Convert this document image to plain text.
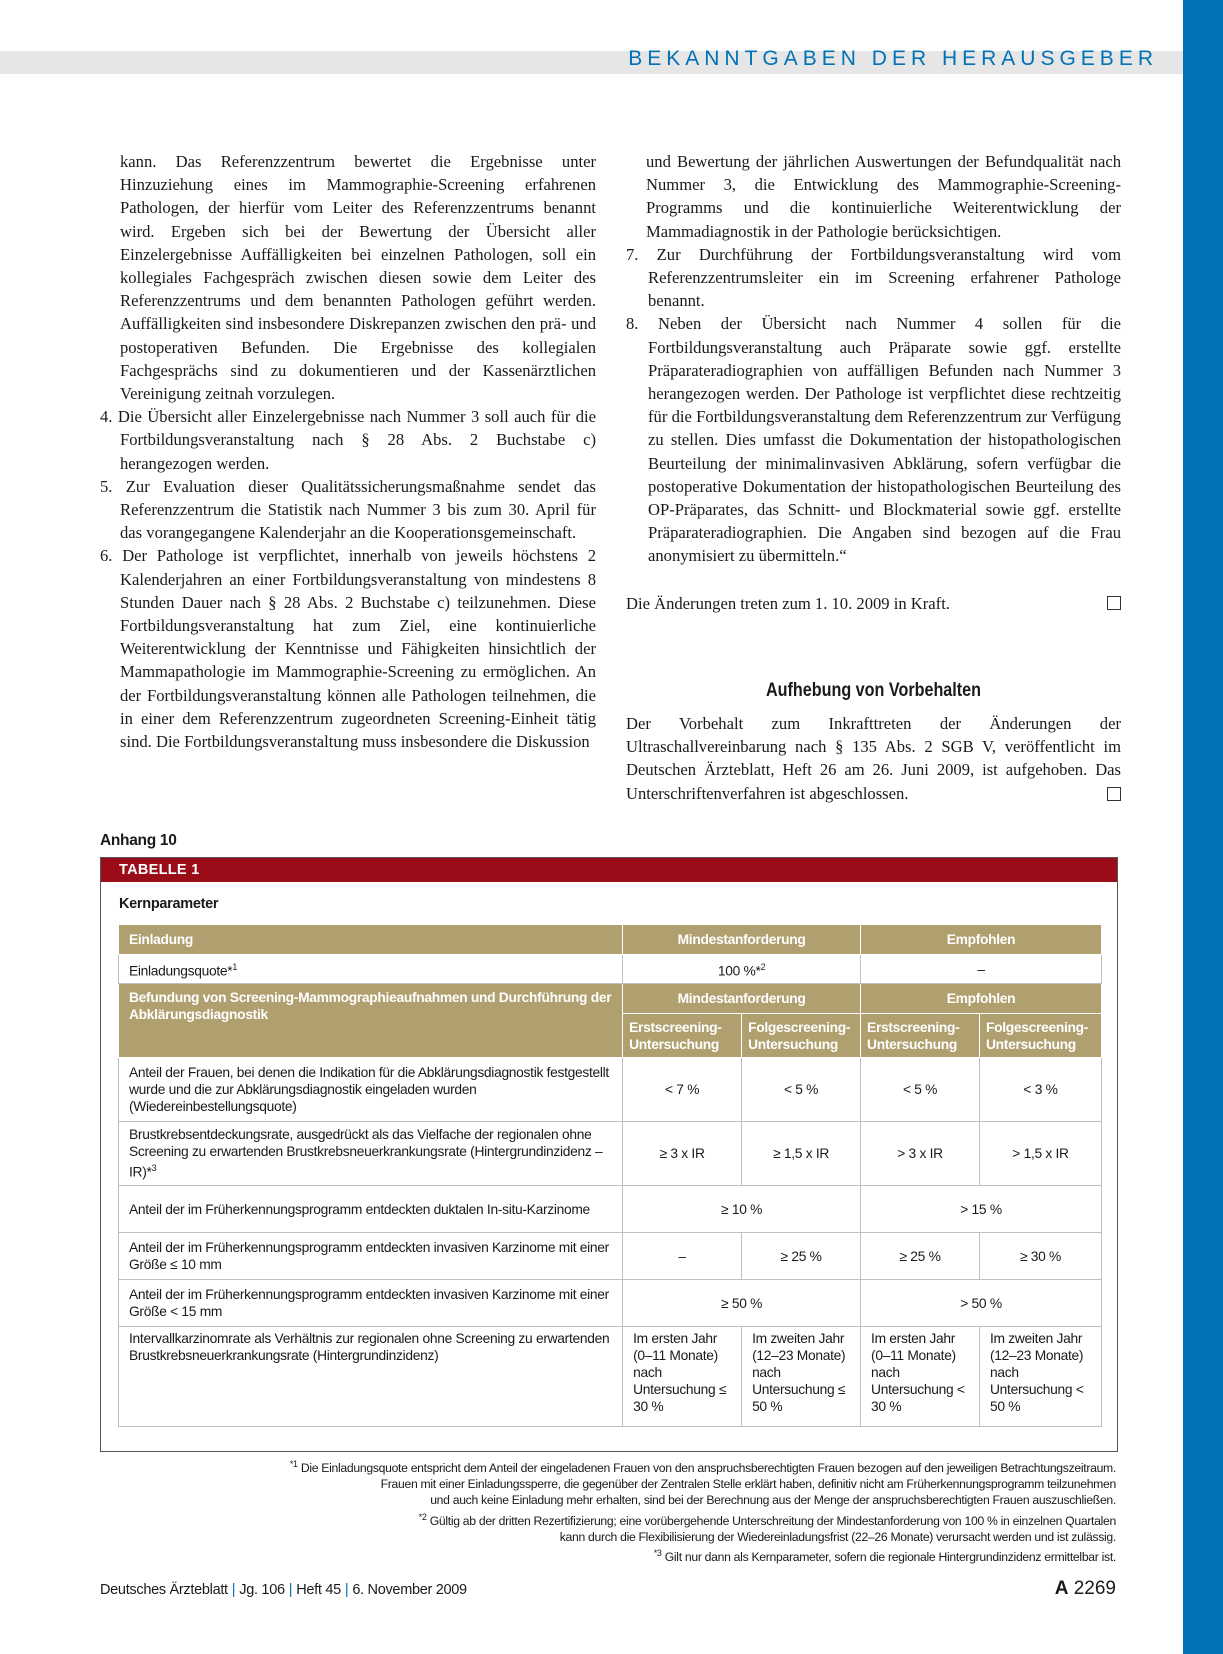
BEKANNTGABEN DER HERAUSGEBER

kann. Das Referenzzentrum bewertet die Ergebnisse unter Hinzuziehung eines im Mammographie-Screening erfahrenen Pathologen, der hierfür vom Leiter des Referenzzentrums benannt wird. Ergeben sich bei der Bewertung der Übersicht aller Einzelergebnisse Auffälligkeiten bei einzelnen Pathologen, soll ein kollegiales Fachgespräch zwischen diesen sowie dem Leiter des Referenzzentrums und dem benannten Pathologen geführt werden. Auffälligkeiten sind insbesondere Diskrepanzen zwischen den prä- und postoperativen Befunden. Die Ergebnisse des kollegialen Fachgesprächs sind zu dokumentieren und der Kassenärztlichen Vereinigung zeitnah vorzulegen.

4. Die Übersicht aller Einzelergebnisse nach Nummer 3 soll auch für die Fortbildungsveranstaltung nach § 28 Abs. 2 Buchstabe c) herangezogen werden.

5. Zur Evaluation dieser Qualitätssicherungsmaßnahme sendet das Referenzzentrum die Statistik nach Nummer 3 bis zum 30. April für das vorangegangene Kalenderjahr an die Kooperationsgemeinschaft.

6. Der Pathologe ist verpflichtet, innerhalb von jeweils höchstens 2 Kalenderjahren an einer Fortbildungsveranstaltung von mindestens 8 Stunden Dauer nach § 28 Abs. 2 Buchstabe c) teilzunehmen. Diese Fortbildungsveranstaltung hat zum Ziel, eine kontinuierliche Weiterentwicklung der Kenntnisse und Fähigkeiten hinsichtlich der Mammapathologie im Mammographie-Screening zu ermöglichen. An der Fortbildungsveranstaltung können alle Pathologen teilnehmen, die in einer dem Referenzzentrum zugeordneten Screening-Einheit tätig sind. Die Fortbildungsveranstaltung muss insbesondere die Diskussion

und Bewertung der jährlichen Auswertungen der Befundqualität nach Nummer 3, die Entwicklung des Mammographie-Screening-Programms und die kontinuierliche Weiterentwicklung der Mammadiagnostik in der Pathologie berücksichtigen.

7. Zur Durchführung der Fortbildungsveranstaltung wird vom Referenzzentrumsleiter ein im Screening erfahrener Pathologe benannt.

8. Neben der Übersicht nach Nummer 4 sollen für die Fortbildungsveranstaltung auch Präparate sowie ggf. erstellte Präparateradiographien von auffälligen Befunden nach Nummer 3 herangezogen werden. Der Pathologe ist verpflichtet diese rechtzeitig für die Fortbildungsveranstaltung dem Referenzzentrum zur Verfügung zu stellen. Dies umfasst die Dokumentation der histopathologischen Beurteilung der minimalinvasiven Abklärung, sofern verfügbar die postoperative Dokumentation der histopathologischen Beurteilung des OP-Präparates, das Schnitt- und Blockmaterial sowie ggf. erstellte Präparateradiographien. Die Angaben sind bezogen auf die Frau anonymisiert zu übermitteln.“

Die Änderungen treten zum 1. 10. 2009 in Kraft.
Aufhebung von Vorbehalten

Der Vorbehalt zum Inkrafttreten der Änderungen der Ultraschallvereinbarung nach § 135 Abs. 2 SGB V, veröffentlicht im Deutschen Ärzteblatt, Heft 26 am 26. Juni 2009, ist aufgehoben. Das Unterschriftenverfahren ist abgeschlossen.

Anhang 10
TABELLE 1
Kernparameter
Einladung	Mindestanforderung		Empfohlen	
Einladungsquote*$^1$	100 %*$^2$		–	
Befundung von Screening-Mammographieaufnahmen und Durchführung der Abklärungsdiagnostik	Mindestanforderung		Empfohlen	
	Erstscreening-Untersuchung	Folgescreening-Untersuchung	Erstscreening-Untersuchung	Folgescreening-Untersuchung
Anteil der Frauen, bei denen die Indikation für die Abklärungsdiagnostik festgestellt wurde und die zur Abklärungsdiagnostik eingeladen wurden (Wiedereinbestellungsquote)	< 7 %	< 5 %	< 5 %	< 3 %
Brustkrebsentdeckungsrate, ausgedrückt als das Vielfache der regionalen ohne Screening zu erwartenden Brustkrebsneuerkrankungsrate (Hintergrundinzidenz – IR)*$^3$	≥ 3 x IR	≥ 1,5 x IR	> 3 x IR	> 1,5 x IR
Anteil der im Früherkennungsprogramm entdeckten duktalen In-situ-Karzinome	≥ 10 %		> 15 %	
Anteil der im Früherkennungsprogramm entdeckten invasiven Karzinome mit einer Größe ≤ 10 mm	–	≥ 25 %	≥ 25 %	≥ 30 %
Anteil der im Früherkennungsprogramm entdeckten invasiven Karzinome mit einer Größe < 15 mm	≥ 50 %		> 50 %	
Intervallkarzinomrate als Verhältnis zur regionalen ohne Screening zu erwartenden Brustkrebsneuerkrankungsrate (Hintergrundinzidenz)	Im ersten Jahr (0–11 Monate) nach Untersuchung ≤ 30 %	Im zweiten Jahr (12–23 Monate) nach Untersuchung ≤ 50 %	Im ersten Jahr (0–11 Monate) nach Untersuchung < 30 %	Im zweiten Jahr (12–23 Monate) nach Untersuchung < 50 %
$^{*1}$ Die Einladungsquote entspricht dem Anteil der eingeladenen Frauen von den anspruchsberechtigten Frauen bezogen auf den jeweiligen Betrachtungszeitraum.
Frauen mit einer Einladungssperre, die gegenüber der Zentralen Stelle erklärt haben, definitiv nicht am Früherkennungsprogramm teilzunehmen
und auch keine Einladung mehr erhalten, sind bei der Berechnung aus der Menge der anspruchsberechtigten Frauen auszuschließen.
$^{*2}$ Gültig ab der dritten Rezertifizierung; eine vorübergehende Unterschreitung der Mindestanforderung von 100 % in einzelnen Quartalen
kann durch die Flexibilisierung der Wiedereinladungsfrist (22–26 Monate) verursacht werden und ist zulässig.
$^{*3}$ Gilt nur dann als Kernparameter, sofern die regionale Hintergrundinzidenz ermittelbar ist.
Deutsches Ärzteblatt | Jg. 106 | Heft 45 | 6. November 2009	A 2269
